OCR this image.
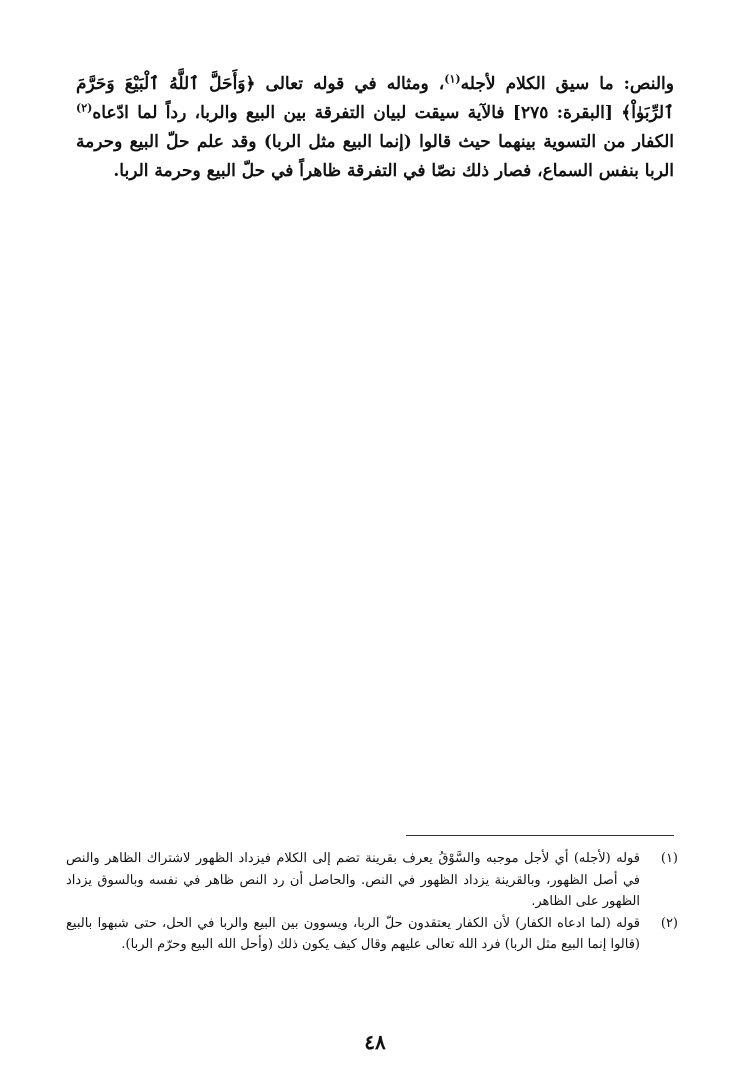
والنص: ما سيق الكلام لأجله$^{(١)}$، ومثاله في قوله تعالى ﴿وَأَحَلَّ ٱللَّهُ ٱلْبَيْعَ وَحَرَّمَ ٱلرِّبَوٰاْ﴾ [البقرة: ٢٧٥] فالآية سيقت لبيان التفرقة بين البيع والربا، رداً لما ادّعاه$^{(٢)}$ الكفار من التسوية بينهما حيث قالوا (إنما البيع مثل الربا) وقد علم حلّ البيع وحرمة الربا بنفس السماع، فصار ذلك نصّا في التفرقة ظاهراً في حلّ البيع وحرمة الربا.
(١)
قوله (لأجله) أي لأجل موجبه والسَّوْقُ يعرف بقرينة تضم إلى الكلام فيزداد الظهور لاشتراك الظاهر والنص في أصل الظهور، وبالقرينة يزداد الظهور في النص. والحاصل أن رد النص ظاهر في نفسه وبالسوق يزداد الظهور على الظاهر.
(٢)
قوله (لما ادعاه الكفار) لأن الكفار يعتقدون حلّ الربا، ويسوون بين البيع والربا في الحل، حتى شبهوا بالبيع (قالوا إنما البيع مثل الربا) فرد الله تعالى عليهم وقال كيف يكون ذلك (وأحل الله البيع وحرّم الربا).
٤٨
